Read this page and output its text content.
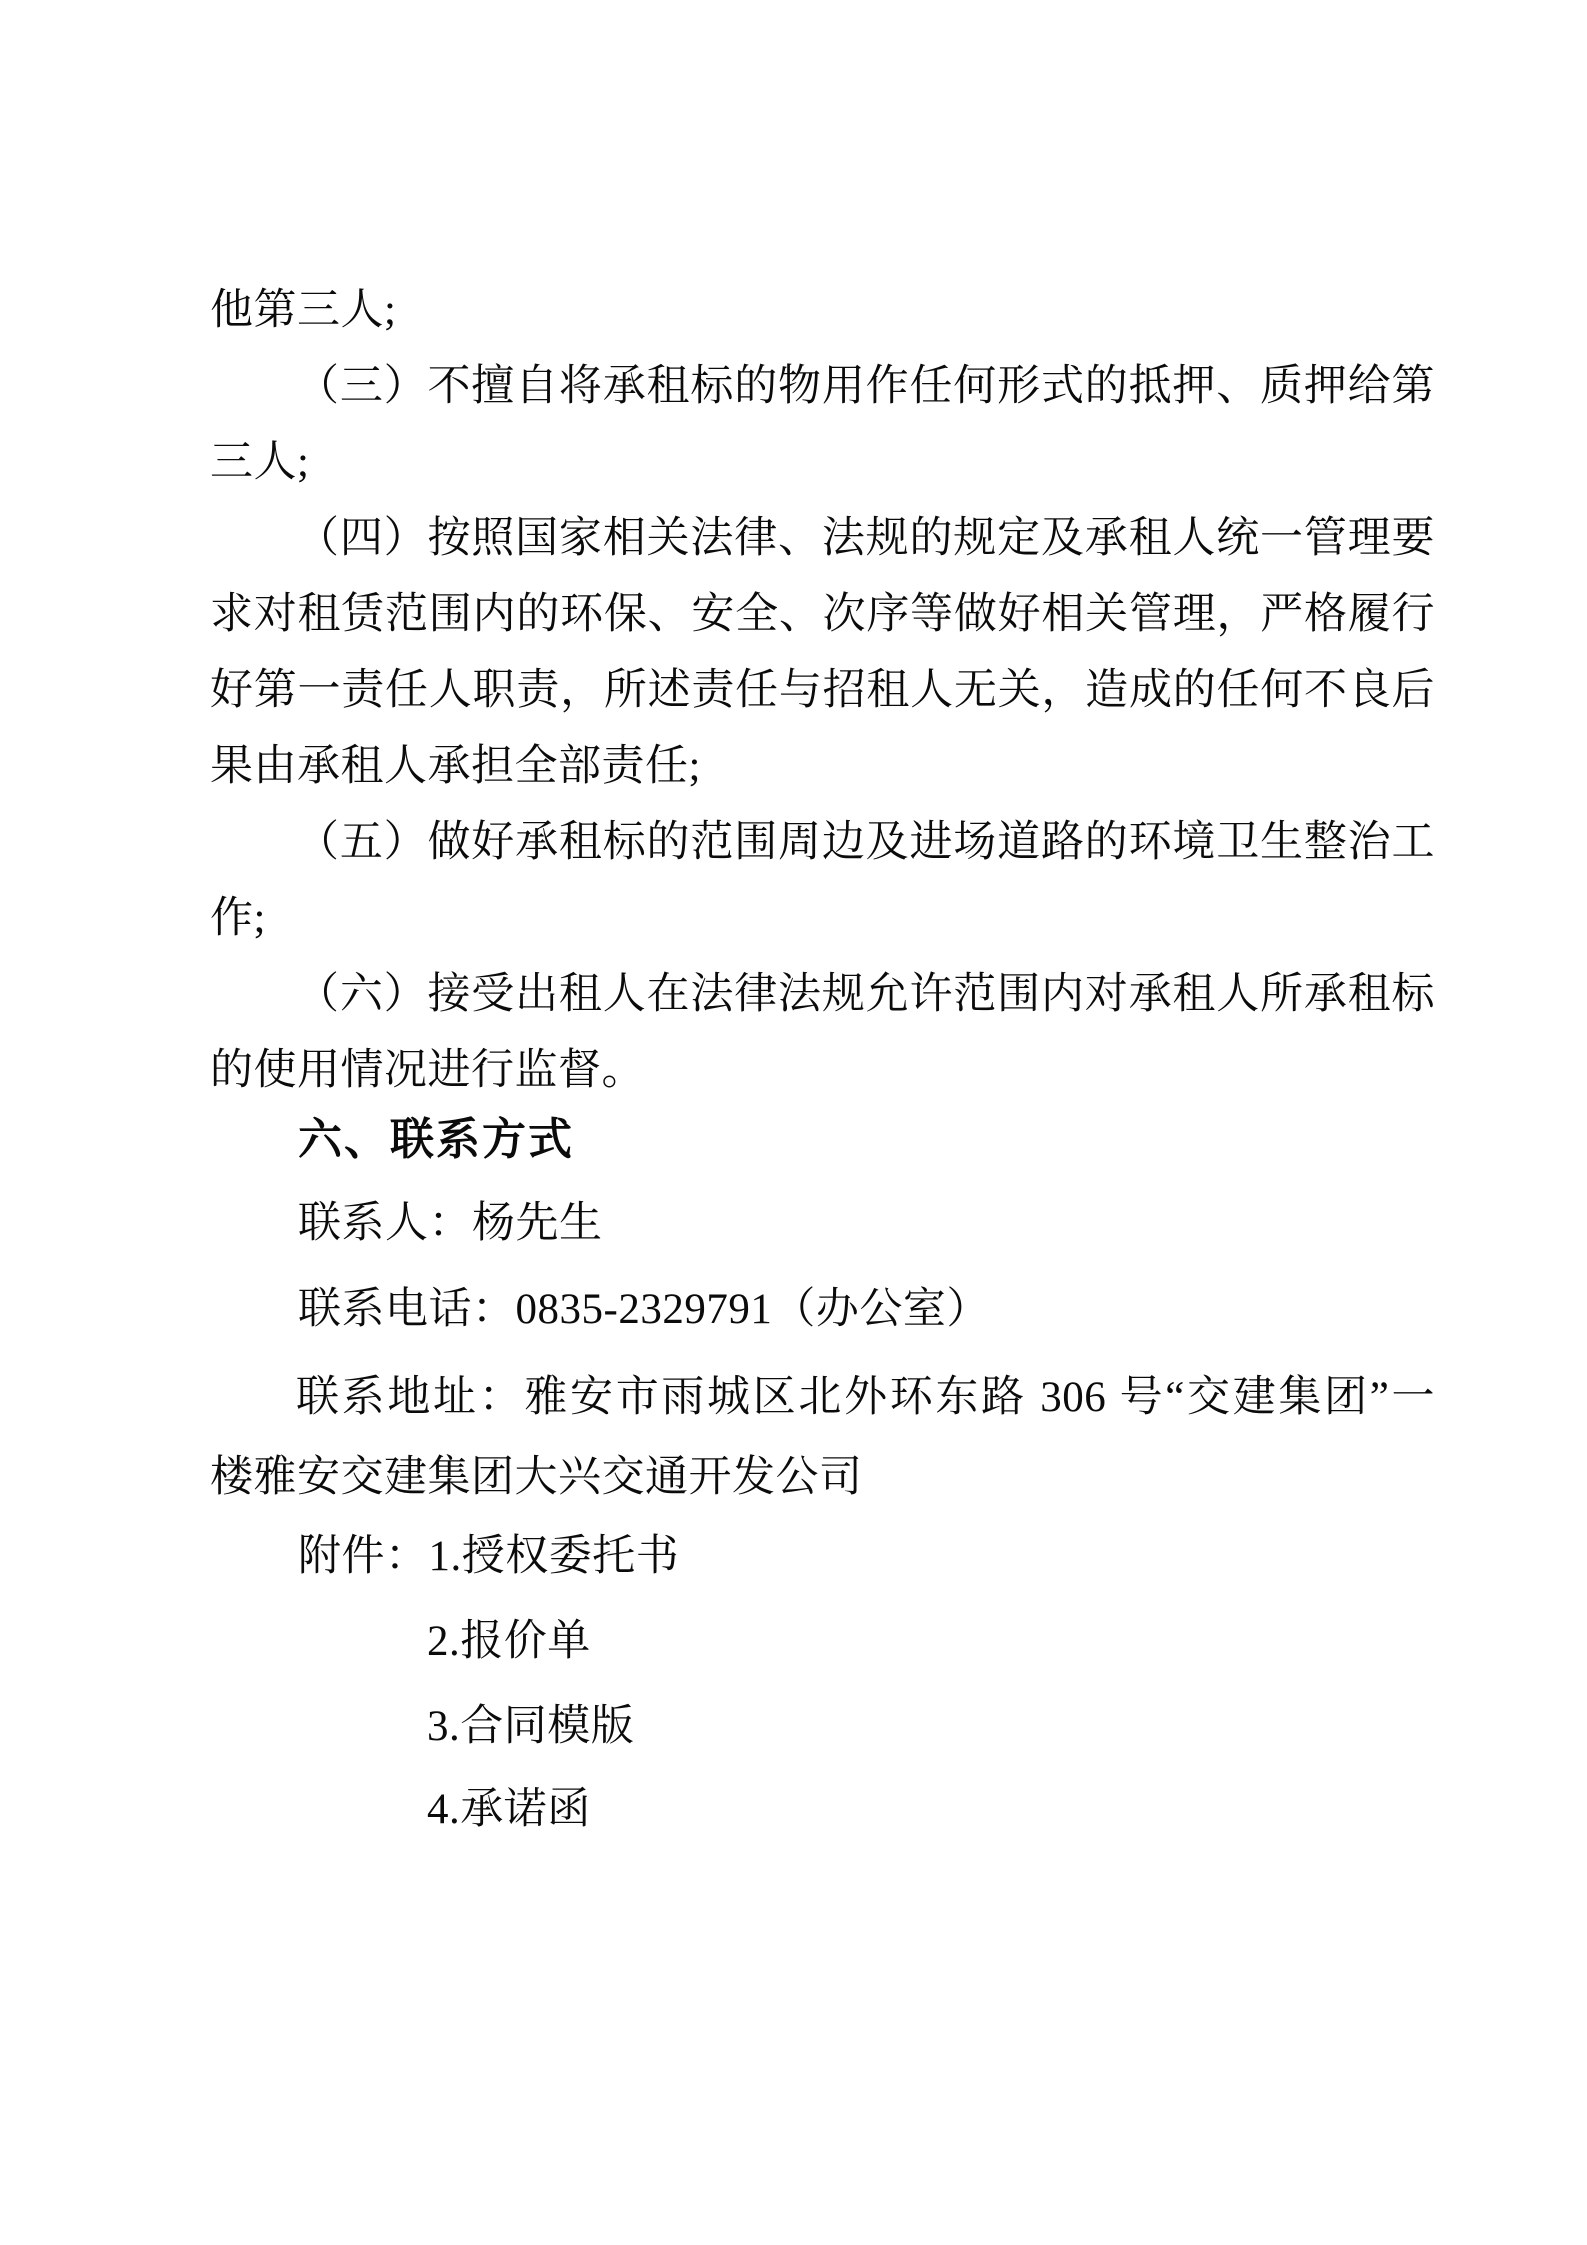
他第三人;
（三）不擅自将承租标的物用作任何形式的抵押、质押给第
三人;
（四）按照国家相关法律、法规的规定及承租人统一管理要
求对租赁范围内的环保、安全、次序等做好相关管理，严格履行
好第一责任人职责，所述责任与招租人无关，造成的任何不良后
果由承租人承担全部责任;
（五）做好承租标的范围周边及进场道路的环境卫生整治工
作;
（六）接受出租人在法律法规允许范围内对承租人所承租标
的使用情况进行监督。
六、联系方式
联系人：杨先生
联系电话：0835-2329791（办公室）
联系地址：雅安市雨城区北外环东路 306 号“交建集团”一
楼雅安交建集团大兴交通开发公司
附件：1.授权委托书
2.报价单
3.合同模版
4.承诺函
